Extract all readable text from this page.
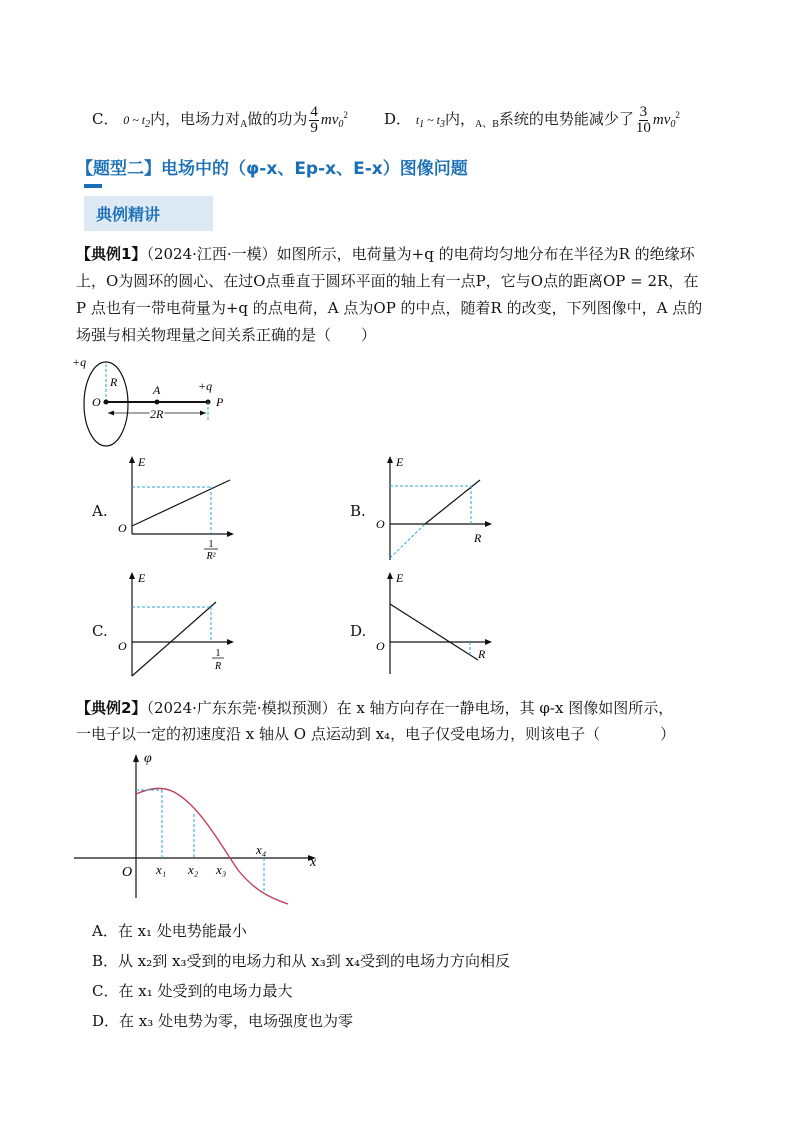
C． 0 ~ $t_2$内，电场力对$_A$做的功为 $\frac{4}{9} mv_0^2$ D． $t_1$ ~ $t_3$内，$_{A、B}$系统的电势能减少了 $\frac{3}{10} mv_0^2$
【题型二】电场中的（φ-x、Ep-x、E-x）图像问题
典例精讲
【典例1】（2024·江西·一模）如图所示，电荷量为+q 的电荷均匀地分布在半径为R 的绝缘环
上，O为圆环的圆心、在过O点垂直于圆环平面的轴上有一点P，它与O点的距离OP = 2R，在
P 点也有一带电荷量为+q 的点电荷，A 点为OP 的中点，随着R 的改变，下列图像中，A 点的
场强与相关物理量之间关系正确的是（　　）
+q
R
O
A	+q
P
2R
A.
E
O
1
R²
B.
E
O
R
C.
E
O
1
R
D.
E
O
R
【典例2】（2024·广东东莞·模拟预测）在 x 轴方向存在一静电场，其 φ-x 图像如图所示，
一电子以一定的初速度沿 x 轴从 O 点运动到 x₄，电子仅受电场力，则该电子（　　　　）
φ
x
O x₁ x₂ x₃
x₄
A．在 x₁ 处电势能最小
B．从 x₂到 x₃受到的电场力和从 x₃到 x₄受到的电场力方向相反
C．在 x₁ 处受到的电场力最大
D．在 x₃ 处电势为零，电场强度也为零
